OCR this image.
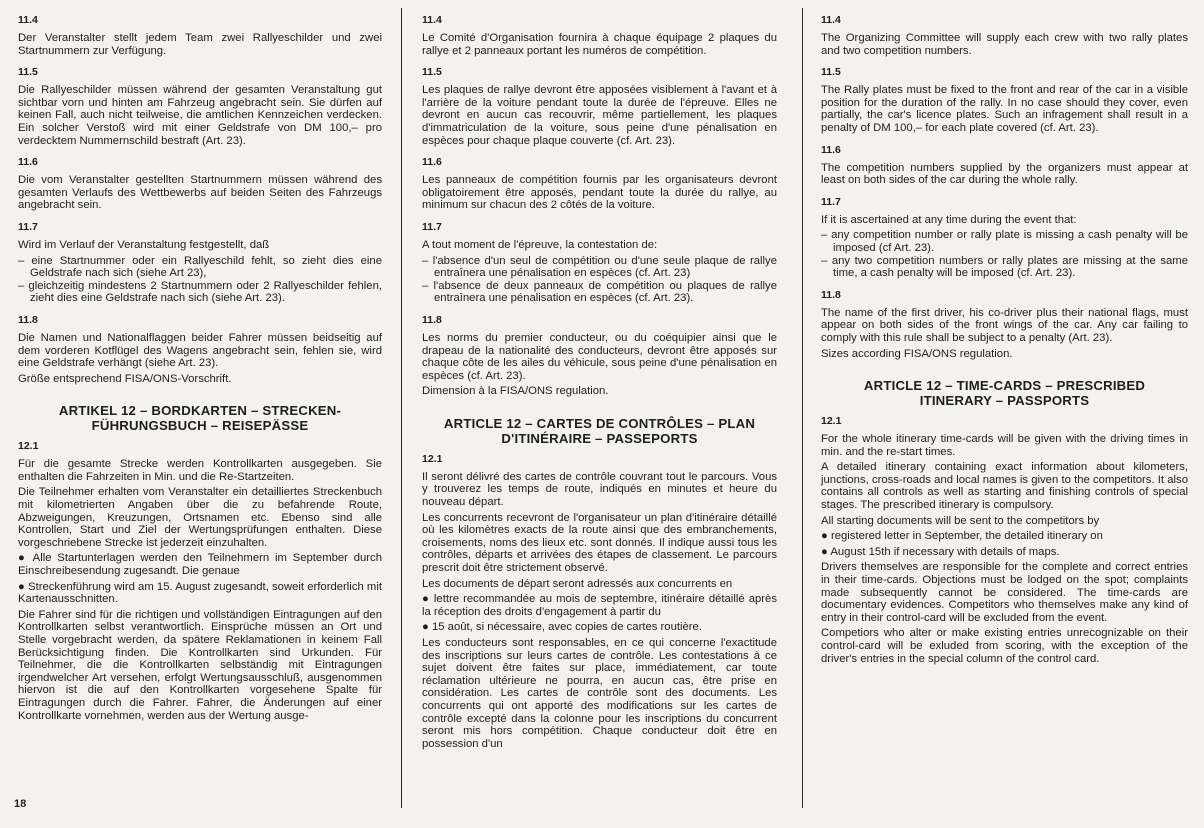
11.4
Der Veranstalter stellt jedem Team zwei Rallyeschilder und zwei Startnummern zur Verfügung.
11.5
Die Rallyeschilder müssen während der gesamten Veranstaltung gut sichtbar vorn und hinten am Fahrzeug angebracht sein. Sie dürfen auf keinen Fall, auch nicht teilweise, die amtlichen Kennzeichen verdecken. Ein solcher Verstoß wird mit einer Geldstrafe von DM 100,– pro verdecktem Nummernschild bestraft (Art. 23).
11.6
Die vom Veranstalter gestellten Startnummern müssen während des gesamten Verlaufs des Wettbewerbs auf beiden Seiten des Fahrzeugs angebracht sein.
11.7
Wird im Verlauf der Veranstaltung festgestellt, daß
– eine Startnummer oder ein Rallyeschild fehlt, so zieht dies eine Geldstrafe nach sich (siehe Art 23),
– gleichzeitig mindestens 2 Startnummern oder 2 Rallyeschilder fehlen, zieht dies eine Geldstrafe nach sich (siehe Art. 23).
11.8
Die Namen und Nationalflaggen beider Fahrer müssen beidseitig auf dem vorderen Kotflügel des Wagens angebracht sein, fehlen sie, wird eine Geldstrafe verhängt (siehe Art. 23).
Größe entsprechend FISA/ONS-Vorschrift.
ARTIKEL 12 – BORDKARTEN – STRECKEN-
FÜHRUNGSBUCH – REISEPÄSSE
12.1
Für die gesamte Strecke werden Kontrollkarten ausgegeben. Sie enthalten die Fahrzeiten in Min. und die Re-Startzeiten.
Die Teilnehmer erhalten vom Veranstalter ein detailliertes Streckenbuch mit kilometrierten Angaben über die zu befahrende Route, Abzweigungen, Kreuzungen, Ortsnamen etc. Ebenso sind alle Kontrollen, Start und Ziel der Wertungsprüfungen enthalten. Diese vorgeschriebene Strecke ist jederzeit einzuhalten.
● Alle Startunterlagen werden den Teilnehmern im September durch Einschreibesendung zugesandt. Die genaue
● Streckenführung wird am 15. August zugesandt, soweit erforderlich mit Kartenausschnitten.
Die Fahrer sind für die richtigen und vollständigen Eintragungen auf den Kontrollkarten selbst verantwortlich. Einsprüche müssen an Ort und Stelle vorgebracht werden, da spätere Reklamationen in keinem Fall Berücksichtigung finden. Die Kontrollkarten sind Urkunden. Für Teilnehmer, die die Kontrollkarten selbständig mit Eintragungen irgendwelcher Art versehen, erfolgt Wertungsausschluß, ausgenommen hiervon ist die auf den Kontrollkarten vorgesehene Spalte für Eintragungen durch die Fahrer. Fahrer, die Änderungen auf einer Kontrollkarte vornehmen, werden aus der Wertung ausge-
11.4
Le Comité d'Organisation fournira à chaque équipage 2 plaques du rallye et 2 panneaux portant les numéros de compétition.
11.5
Les plaques de rallye devront être apposées visiblement à l'avant et à l'arrière de la voiture pendant toute la durée de l'épreuve. Elles ne devront en aucun cas recouvrir, même partiellement, les plaques d'immatriculation de la voiture, sous peine d'une pénalisation en espèces pour chaque plaque couverte (cf. Art. 23).
11.6
Les panneaux de compétition fournis par les organisateurs devront obligatoirement être apposés, pendant toute la durée du rallye, au minimum sur chacun des 2 côtés de la voiture.
11.7
A tout moment de l'épreuve, la contestation de:
– l'absence d'un seul de compétition ou d'une seule plaque de rallye entraînera une pénalisation en espèces (cf. Art. 23)
– l'absence de deux panneaux de compétition ou plaques de rallye entraînera une pénalisation en espèces (cf. Art. 23).
11.8
Les norms du premier conducteur, ou du coéquipier ainsi que le drapeau de la nationalité des conducteurs, devront être apposés sur chaque côte de les ailes du véhicule, sous peine d'une pénalisation en espèces (cf. Art. 23).
Dimension à la FISA/ONS regulation.
ARTICLE 12 – CARTES DE CONTRÔLES – PLAN
D'ITINÉRAIRE – PASSEPORTS
12.1
Il seront délivré des cartes de contrôle couvrant tout le parcours. Vous y trouverez les temps de route, indiqués en minutes et heure du nouveau départ.
Les concurrents recevront de l'organisateur un plan d'itinéraire détaillé où les kilomètres exacts de la route ainsi que des embranchements, croisements, noms des lieux etc. sont donnés. Il indique aussi tous les contrôles, départs et arrivées des étapes de classement. Le parcours prescrit doit être strictement observé.
Les documents de départ seront adressés aux concurrents en
● lettre recommandée au mois de septembre, itinéraire détaillé après la réception des droits d'engagement à partir du
● 15 août, si nécessaire, avec copies de cartes routière.
Les conducteurs sont responsables, en ce qui concerne l'exactitude des inscriptions sur leurs cartes de contrôle. Les contestations à ce sujet doivent être faites sur place, immédiatement, car toute réclamation ultérieure ne pourra, en aucun cas, être prise en considération. Les cartes de contrôle sont des documents. Les concurrents qui ont apporté des modifications sur les cartes de contrôle excepté dans la colonne pour les inscriptions du concurrent seront mis hors compétition. Chaque conducteur doit être en possession d'un
11.4
The Organizing Committee will supply each crew with two rally plates and two competition numbers.
11.5
The Rally plates must be fixed to the front and rear of the car in a visible position for the duration of the rally. In no case should they cover, even partially, the car's licence plates. Such an infragement shall result in a penalty of DM 100,– for each plate covered (cf. Art. 23).
11.6
The competition numbers supplied by the organizers must appear at least on both sides of the car during the whole rally.
11.7
If it is ascertained at any time during the event that:
– any competition number or rally plate is missing a cash penalty will be imposed (cf Art. 23).
– any two competition numbers or rally plates are missing at the same time, a cash penalty will be imposed (cf. Art. 23).
11.8
The name of the first driver, his co-driver plus their national flags, must appear on both sides of the front wings of the car. Any car failing to comply with this rule shall be subject to a penalty (Art. 23).
Sizes according FISA/ONS regulation.
ARTICLE 12 – TIME-CARDS – PRESCRIBED
ITINERARY – PASSPORTS
12.1
For the whole itinerary time-cards will be given with the driving times in min. and the re-start times.
A detailed itinerary containing exact information about kilometers, junctions, cross-roads and local names is given to the competitors. It also contains all controls as well as starting and finishing controls of special stages. The prescribed itinerary is compulsory.
All starting documents will be sent to the competitors by
● registered letter in September, the detailed itinerary on
● August 15th if necessary with details of maps.
Drivers themselves are responsible for the complete and correct entries in their time-cards. Objections must be lodged on the spot; complaints made subsequently cannot be considered. The time-cards are documentary evidences. Competitors who themselves make any kind of entry in their control-card will be excluded from the event.
Competiors who alter or make existing entries unrecognizable on their control-card will be exluded from scoring, with the exception of the driver's entries in the special column of the control card.
18
